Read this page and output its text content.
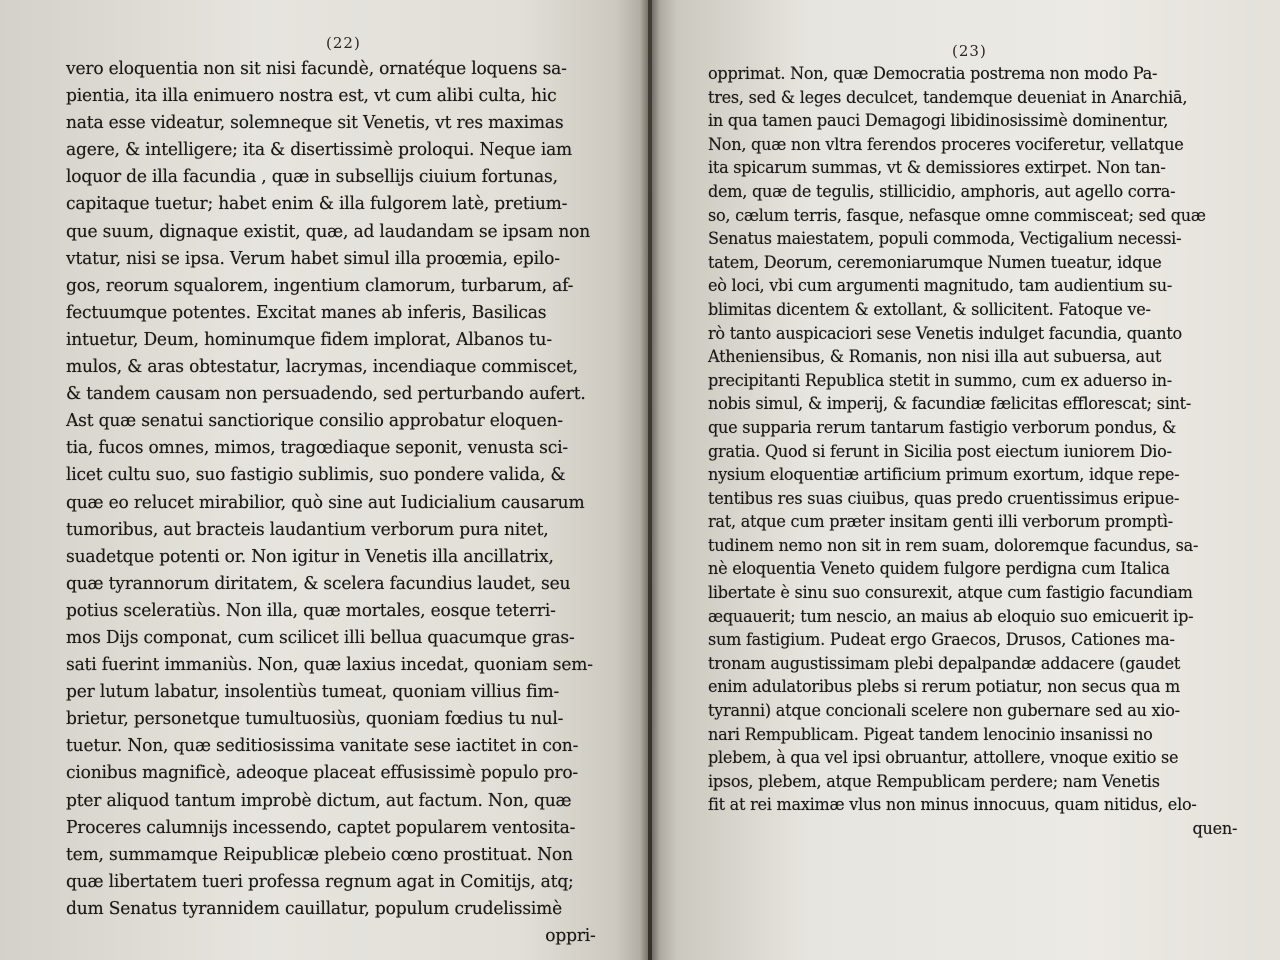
(22)
vero eloquentia non sit nisi facundè, ornatéque loquens sa-
pientia, ita illa enimuero nostra est, vt cum alibi culta, hic
nata esse videatur, solemneque sit Venetis, vt res maximas
agere, & intelligere; ita & disertissimè proloqui. Neque iam
loquor de illa facundia , quæ in subsellijs ciuium fortunas,
capitaque tuetur; habet enim & illa fulgorem latè, pretium-
que suum, dignaque existit, quæ, ad laudandam se ipsam non
vtatur, nisi se ipsa. Verum habet simul illa proœmia, epilo-
gos, reorum squalorem, ingentium clamorum, turbarum, af-
fectuumque potentes. Excitat manes ab inferis, Basilicas
intuetur, Deum, hominumque fidem implorat, Albanos tu-
mulos, & aras obtestatur, lacrymas, incendiaque commiscet,
& tandem causam non persuadendo, sed perturbando aufert.
Ast quæ senatui sanctiorique consilio approbatur eloquen-
tia, fucos omnes, mimos, tragœdiaque seponit, venusta sci-
licet cultu suo, suo fastigio sublimis, suo pondere valida, &
quæ eo relucet mirabilior, quò sine aut Iudicialium causarum
tumoribus, aut bracteis laudantium verborum pura nitet,
suadetque potenti or. Non igitur in Venetis illa ancillatrix,
quæ tyrannorum diritatem, & scelera facundius laudet, seu
potius sceleratiùs. Non illa, quæ mortales, eosque teterri-
mos Dijs componat, cum scilicet illi bellua quacumque gras-
sati fuerint immaniùs. Non, quæ laxius incedat, quoniam sem-
per lutum labatur, insolentiùs tumeat, quoniam villius fim-
brietur, personetque tumultuosiùs, quoniam fœdius tu nul-
tuetur. Non, quæ seditiosissima vanitate sese iactitet in con-
cionibus magnificè, adeoque placeat effusissimè populo pro-
pter aliquod tantum improbè dictum, aut factum. Non, quæ
Proceres calumnijs incessendo, captet popularem ventosita-
tem, summamque Reipublicæ plebeio cœno prostituat. Non
quæ libertatem tueri professa regnum agat in Comitijs, atq;
dum Senatus tyrannidem cauillatur, populum crudelissimè
oppri-
(23)
opprimat. Non, quæ Democratia postrema non modo Pa-
tres, sed & leges deculcet, tandemque deueniat in Anarchiā,
in qua tamen pauci Demagogi libidinosissimè dominentur,
Non, quæ non vltra ferendos proceres vociferetur, vellatque
ita spicarum summas, vt & demissiores extirpet. Non tan-
dem, quæ de tegulis, stillicidio, amphoris, aut agello corra-
so, cælum terris, fasque, nefasque omne commisceat; sed quæ
Senatus maiestatem, populi commoda, Vectigalium necessi-
tatem, Deorum, ceremoniarumque Numen tueatur, idque
eò loci, vbi cum argumenti magnitudo, tam audientium su-
blimitas dicentem & extollant, & sollicitent. Fatoque ve-
rò tanto auspicaciori sese Venetis indulget facundia, quanto
Atheniensibus, & Romanis, non nisi illa aut subuersa, aut
precipitanti Republica stetit in summo, cum ex aduerso in-
nobis simul, & imperij, & facundiæ fælicitas efflorescat; sint-
que supparia rerum tantarum fastigio verborum pondus, &
gratia. Quod si ferunt in Sicilia post eiectum iuniorem Dio-
nysium eloquentiæ artificium primum exortum, idque repe-
tentibus res suas ciuibus, quas predo cruentissimus eripue-
rat, atque cum præter insitam genti illi verborum promptì-
tudinem nemo non sit in rem suam, doloremque facundus, sa-
nè eloquentia Veneto quidem fulgore perdigna cum Italica
libertate è sinu suo consurexit, atque cum fastigio facundiam
æquauerit; tum nescio, an maius ab eloquio suo emicuerit ip-
sum fastigium. Pudeat ergo Graecos, Drusos, Cationes ma-
tronam augustissimam plebi depalpandæ addacere (gaudet
enim adulatoribus plebs si rerum potiatur, non secus qua m
tyranni) atque concionali scelere non gubernare sed au xio-
nari Rempublicam. Pigeat tandem lenocinio insanissi no
plebem, à qua vel ipsi obruantur, attollere, vnoque exitio se
ipsos, plebem, atque Rempublicam perdere; nam Venetis
fit at rei maximæ vlus non minus innocuus, quam nitidus, elo-
quen-
